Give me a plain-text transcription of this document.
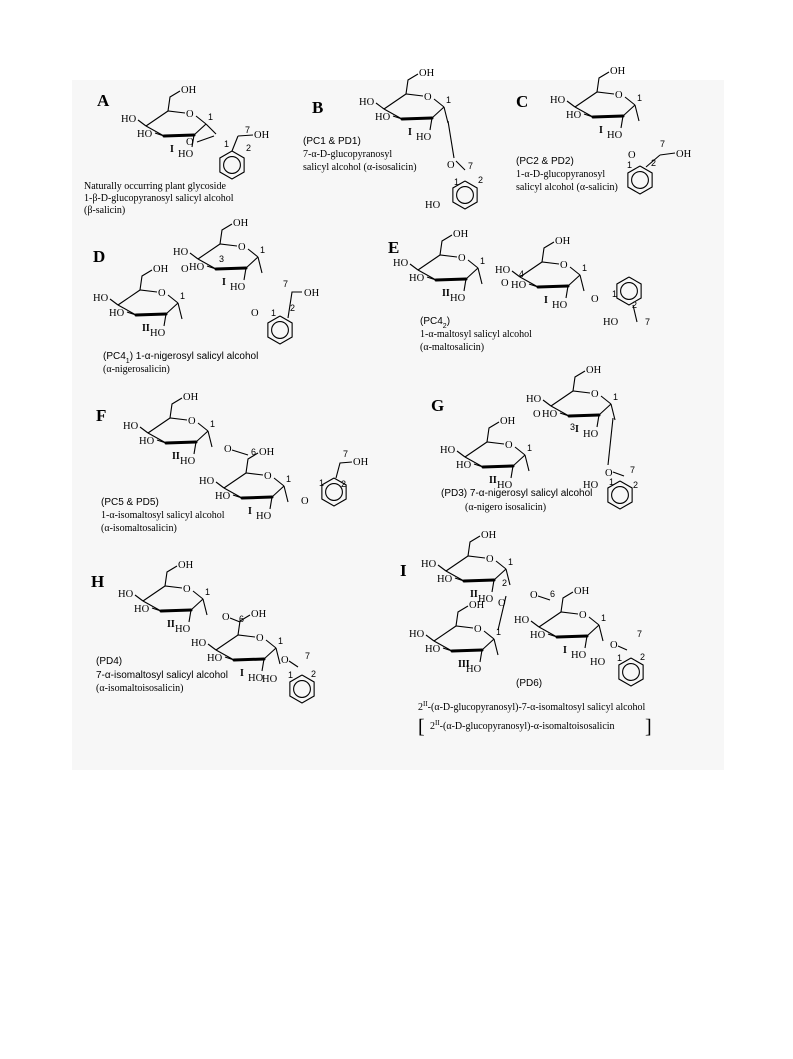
A
O
OH
HO
HO
HO
I
1
O
7 OH
1 2
Naturally occurring plant glycoside
1-β-D-glucopyranosyl salicyl alcohol
(β-salicin)
B
O
OH
HO
HO
HO
I
1
O 7
1 2
HO
(PC1 & PD1)
7-α-D-glucopyranosyl
salicyl alcohol (α-isosalicin)
C	O
OH
HO
HO
HO
I
1
O
1 2
7
OH
(PC2 & PD2)
1-α-D-glucopyranosyl
salicyl alcohol (α-salicin)
D	O
OH
HO
HO
HO
I
1
3
O
O
OH
HO
HO
HO
II
1
O 1 2
7
OH
$(PC4_1)$ 1-α-nigerosyl salicyl alcohol
(α-nigerosalicin)
E
O
OH
HO
HO
HO
II
1
O
O
OH
HO
HO
HO
I
1
4
O 1
2
HO	7
$(PC4_2)$
1-α-maltosyl salicyl alcohol
(α-maltosalicin)
F	O
OH
HO
HO
HO
II
1
O 6
O
OH
HO
HO
HO
I
1
O
1 2
7
OH
(PC5 & PD5)
1-α-isomaltosyl salicyl alcohol
(α-isomaltosalicin)
G
O
OH
HO
HO
HO
I
1
3
O
O
OH
HO
HO
HO
II
1
O 7
1 2
HO
(PD3) 7-α-nigerosyl salicyl alcohol
(α-nigero isosalicin)
H	O
OH
HO
HO
HO
II
1
O 6
O
OH
HO
HO
HO
I
1
O 7
1 2
HO
(PD4)
7-α-isomaltosyl salicyl alcohol
(α-isomaltoisosalicin)
I
O
OH
HO
HO
HO
II
1
2
O 6
O
OH
HO
HO
HO
I
1
O
O
OH
HO
HO
HO
III
1
O
7
1 2
HO
(PD6)
$2^{II}-(\alpha-D-glucopyranosyl)-7-\alpha$-isomaltosyl salicyl alcohol
[ $2^{II}-(\alpha-D-glucopyranosyl)-\alpha$-isomaltoisosalicin ]
